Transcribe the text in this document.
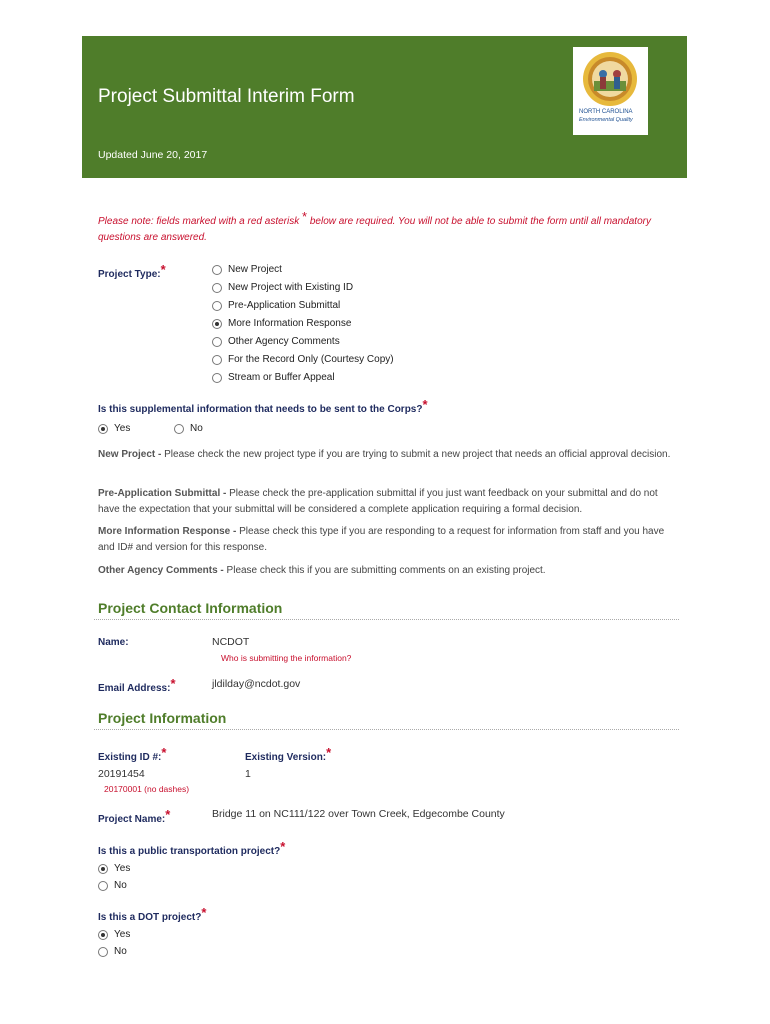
Project Submittal Interim Form
Updated June 20, 2017
NORTH CAROLINA
Environmental Quality
Please note: fields marked with a red asterisk * below are required. You will not be able to submit the form until all mandatory questions are answered.
Project Type:*	New Project
New Project with Existing ID
Pre-Application Submittal
More Information Response
Other Agency Comments
For the Record Only (Courtesy Copy)
Stream or Buffer Appeal
Is this supplemental information that needs to be sent to the Corps?*
Yes	No
New Project - Please check the new project type if you are trying to submit a new project that needs an official approval decision.
Pre-Application Submittal - Please check the pre-application submittal if you just want feedback on your submittal and do not have the expectation that your submittal will be considered a complete application requiring a formal decision.
More Information Response - Please check this type if you are responding to a request for information from staff and you have and ID# and version for this response.
Other Agency Comments - Please check this if you are submitting comments on an existing project.
Project Contact Information
Name:	NCDOT
Who is submitting the information?
Email Address:*	jldilday@ncdot.gov
Project Information
Existing ID #:*	Existing Version:*
20191454	1
20170001 (no dashes)
Project Name:*	Bridge 11 on NC111/122 over Town Creek, Edgecombe County
Is this a public transportation project?*
Yes
No
Is this a DOT project?*
Yes
No
